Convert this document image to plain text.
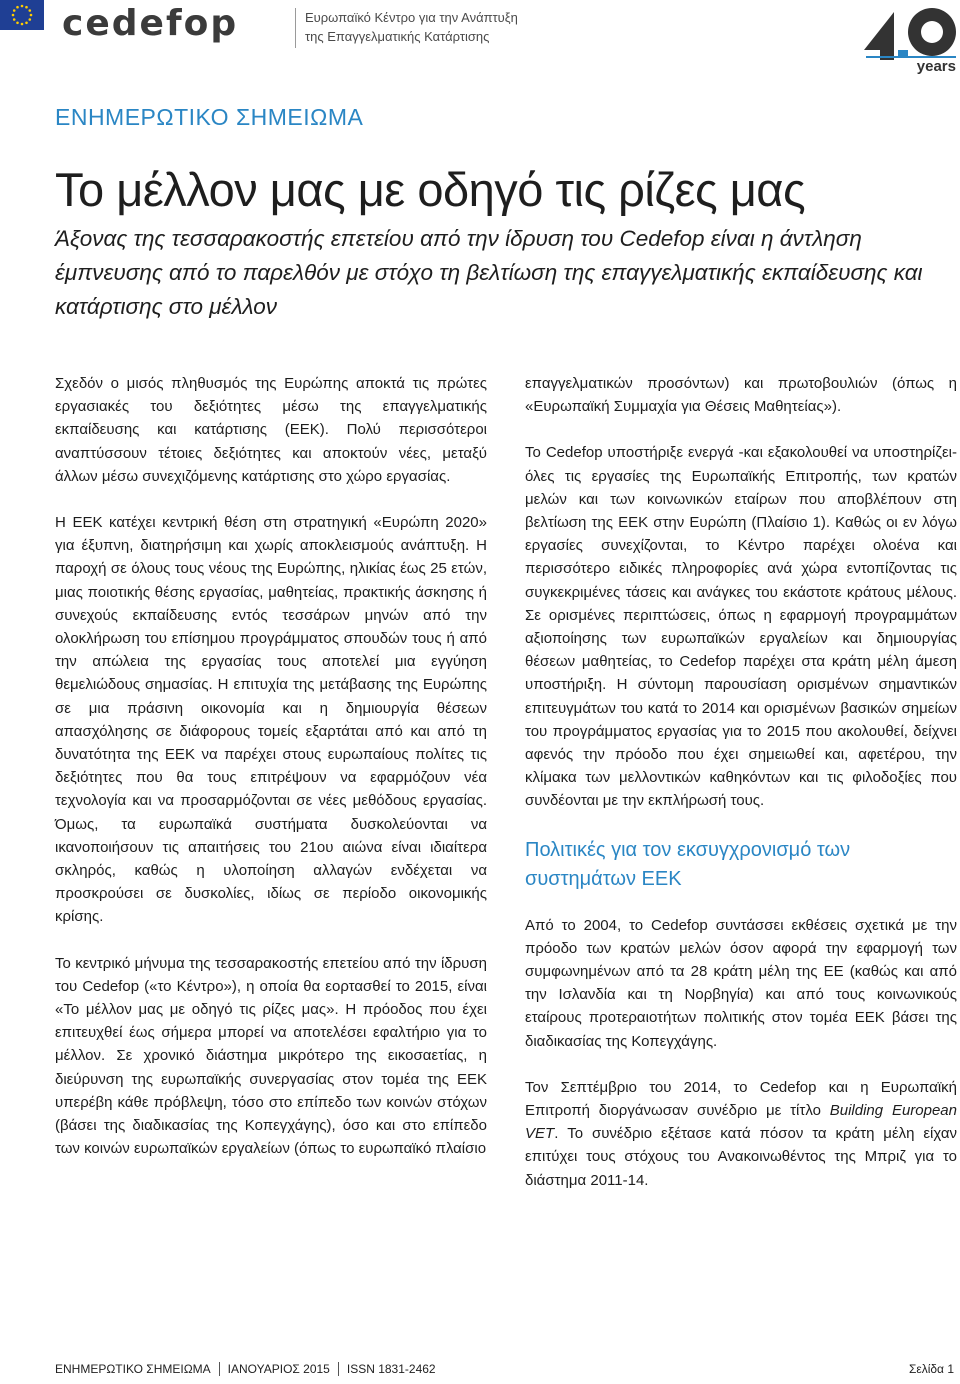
cedefop	Ευρωπαϊκό Κέντρο για την Ανάπτυξη
της Επαγγελματικής Κατάρτισης
years
ΕΝΗΜΕΡΩΤΙΚΟ ΣΗΜΕΙΩΜΑ
Το μέλλον μας με οδηγό τις ρίζες μας
Άξονας της τεσσαρακοστής επετείου από την ίδρυση του Cedefop είναι η άντληση έμπνευσης από το παρελθόν με στόχο τη βελτίωση της επαγγελματικής εκπαίδευσης και κατάρτισης στο μέλλον

Σχεδόν ο μισός πληθυσμός της Ευρώπης αποκτά τις πρώτες εργασιακές του δεξιότητες μέσω της επαγγελματικής εκπαίδευσης και κατάρτισης (ΕΕΚ). Πολύ περισσότεροι αναπτύσσουν τέτοιες δεξιότητες και αποκτούν νέες, μεταξύ άλλων μέσω συνεχιζόμενης κατάρτισης στο χώρο εργασίας.

Η ΕΕΚ κατέχει κεντρική θέση στη στρατηγική «Ευρώπη 2020» για έξυπνη, διατηρήσιμη και χωρίς αποκλεισμούς ανάπτυξη. Η παροχή σε όλους τους νέους της Ευρώπης, ηλικίας έως 25 ετών, μιας ποιοτικής θέσης εργασίας, μαθητείας, πρακτικής άσκησης ή συνεχούς εκπαίδευσης εντός τεσσάρων μηνών από την ολοκλήρωση του επίσημου προγράμματος σπουδών τους ή από την απώλεια της εργασίας τους αποτελεί μια εγγύηση θεμελιώδους σημασίας. Η επιτυχία της μετάβασης της Ευρώπης σε μια πράσινη οικονομία και η δημιουργία θέσεων απασχόλησης σε διάφορους τομείς εξαρτάται από και από τη δυνατότητα της ΕΕΚ να παρέχει στους ευρωπαίους πολίτες τις δεξιότητες που θα τους επιτρέψουν να εφαρμόζουν νέα τεχνολογία και να προσαρμόζονται σε νέες μεθόδους εργασίας. Όμως, τα ευρωπαϊκά συστήματα δυσκολεύονται να ικανοποιήσουν τις απαιτήσεις του 21ου αιώνα είναι ιδιαίτερα σκληρός, καθώς η υλοποίηση αλλαγών ενδέχεται να προσκρούσει σε δυσκολίες, ιδίως σε περίοδο οικονομικής κρίσης.

Το κεντρικό μήνυμα της τεσσαρακοστής επετείου από την ίδρυση του Cedefop («το Κέντρο»), η οποία θα εορτασθεί το 2015, είναι «Το μέλλον μας με οδηγό τις ρίζες μας». Η πρόοδος που έχει επιτευχθεί έως σήμερα μπορεί να αποτελέσει εφαλτήριο για το μέλλον. Σε χρονικό διάστημα μικρότερο της εικοσαετίας, η διεύρυνση της ευρωπαϊκής συνεργασίας στον τομέα της ΕΕΚ υπερέβη κάθε πρόβλεψη, τόσο στο επίπεδο των κοινών στόχων (βάσει της διαδικασίας της Κοπεγχάγης), όσο και στο επίπεδο των κοινών ευρωπαϊκών εργαλείων (όπως το ευρωπαϊκό πλαίσιο

επαγγελματικών προσόντων) και πρωτοβουλιών (όπως η «Ευρωπαϊκή Συμμαχία για Θέσεις Μαθητείας»).

Το Cedefop υποστήριξε ενεργά -και εξακολουθεί να υποστηρίζει- όλες τις εργασίες της Ευρωπαϊκής Επιτροπής, των κρατών μελών και των κοινωνικών εταίρων που αποβλέπουν στη βελτίωση της ΕΕΚ στην Ευρώπη (Πλαίσιο 1). Καθώς οι εν λόγω εργασίες συνεχίζονται, το Κέντρο παρέχει ολοένα και περισσότερο ειδικές πληροφορίες ανά χώρα εντοπίζοντας τις συγκεκριμένες τάσεις και ανάγκες του εκάστοτε κράτους μέλους. Σε ορισμένες περιπτώσεις, όπως η εφαρμογή προγραμμάτων αξιοποίησης των ευρωπαϊκών εργαλείων και δημιουργίας θέσεων μαθητείας, το Cedefop παρέχει στα κράτη μέλη άμεση υποστήριξη. Η σύντομη παρουσίαση ορισμένων σημαντικών επιτευγμάτων του κατά το 2014 και ορισμένων βασικών σημείων του προγράμματος εργασίας για το 2015 που ακολουθεί, δείχνει αφενός την πρόοδο που έχει σημειωθεί και, αφετέρου, την κλίμακα των μελλοντικών καθηκόντων και τις φιλοδοξίες που συνδέονται με την εκπλήρωσή τους.

Πολιτικές για τον εκσυγχρονισμό των συστημάτων ΕΕΚ

Από το 2004, το Cedefop συντάσσει εκθέσεις σχετικά με την πρόοδο των κρατών μελών όσον αφορά την εφαρμογή των συμφωνημένων από τα 28 κράτη μέλη της ΕΕ (καθώς και από την Ισλανδία και τη Νορβηγία) και από τους κοινωνικούς εταίρους προτεραιοτήτων πολιτικής στον τομέα ΕΕΚ βάσει της διαδικασίας της Κοπεγχάγης.

Τον Σεπτέμβριο του 2014, το Cedefop και η Ευρωπαϊκή Επιτροπή διοργάνωσαν συνέδριο με τίτλο Building European VET. Το συνέδριο εξέτασε κατά πόσον τα κράτη μέλη είχαν επιτύχει τους στόχους του Ανακοινωθέντος της Μπριζ για το διάστημα 2011-14.

ΕΝΗΜΕΡΩΤΙΚΟ ΣΗΜΕΙΩΜΑ ΙΑΝΟΥΑΡΙΟΣ 2015 ISSN 1831-2462	Σελίδα 1
